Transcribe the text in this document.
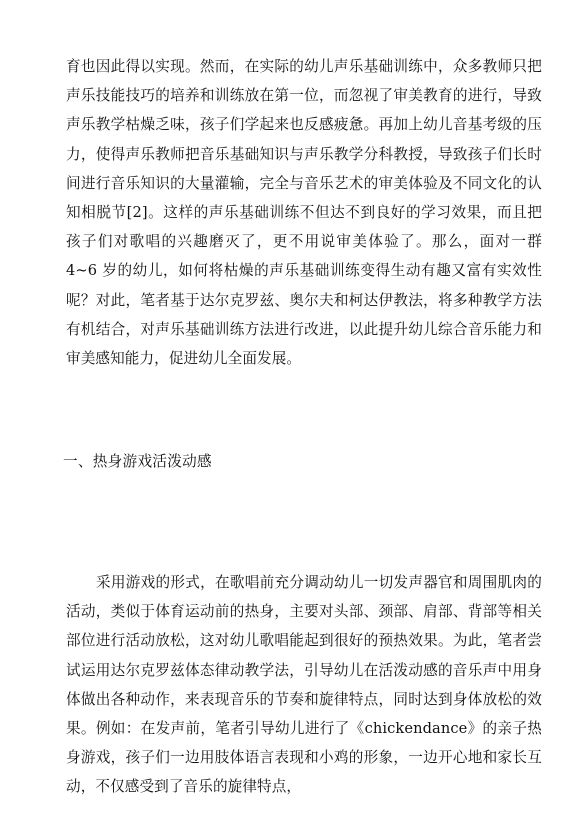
育也因此得以实现。然而，在实际的幼儿声乐基础训练中，众多教师只把声乐技能技巧的培养和训练放在第一位，而忽视了审美教育的进行，导致声乐教学枯燥乏味，孩子们学起来也反感疲惫。再加上幼儿音基考级的压力，使得声乐教师把音乐基础知识与声乐教学分科教授，导致孩子们长时间进行音乐知识的大量灌输，完全与音乐艺术的审美体验及不同文化的认知相脱节[2]。这样的声乐基础训练不但达不到良好的学习效果，而且把孩子们对歌唱的兴趣磨灭了，更不用说审美体验了。那么，面对一群 4~6 岁的幼儿，如何将枯燥的声乐基础训练变得生动有趣又富有实效性呢？对此，笔者基于达尔克罗兹、奥尔夫和柯达伊教法，将多种教学方法有机结合，对声乐基础训练方法进行改进，以此提升幼儿综合音乐能力和审美感知能力，促进幼儿全面发展。

一、热身游戏活泼动感

采用游戏的形式，在歌唱前充分调动幼儿一切发声器官和周围肌肉的活动，类似于体育运动前的热身，主要对头部、颈部、肩部、背部等相关部位进行活动放松，这对幼儿歌唱能起到很好的预热效果。为此，笔者尝试运用达尔克罗兹体态律动教学法，引导幼儿在活泼动感的音乐声中用身体做出各种动作，来表现音乐的节奏和旋律特点，同时达到身体放松的效果。例如：在发声前，笔者引导幼儿进行了《chickendance》的亲子热身游戏，孩子们一边用肢体语言表现和小鸡的形象，一边开心地和家长互动，不仅感受到了音乐的旋律特点，
